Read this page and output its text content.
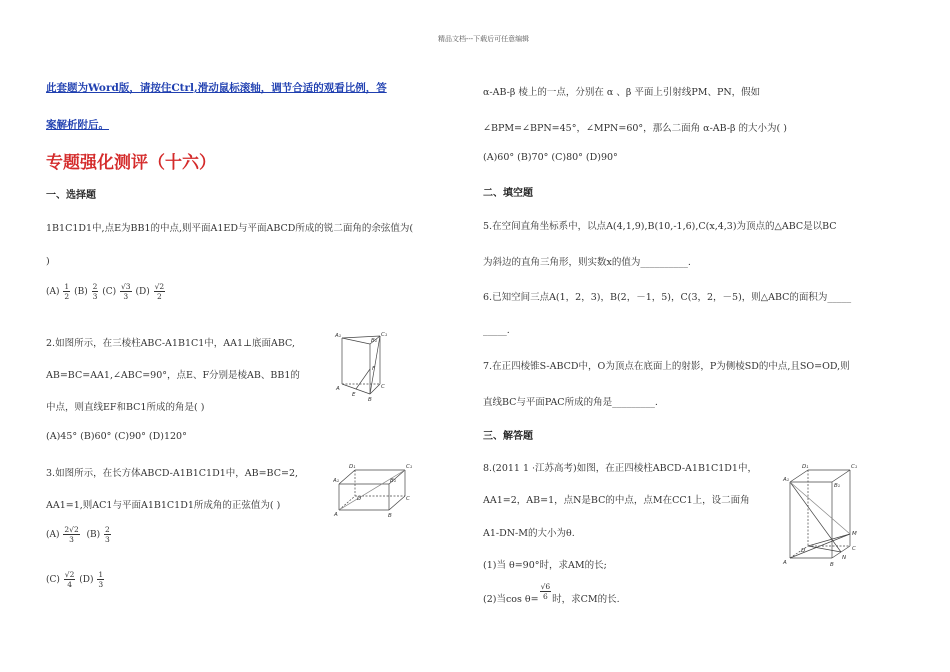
精品文档---下载后可任意编辑
此套题为Word版，请按住Ctrl,滑动鼠标滚轴，调节合适的观看比例，答
案解析附后。
专题强化测评（十六）
一、选择题
1B1C1D1中,点E为BB1的中点,则平面A1ED与平面ABCD所成的锐二面角的余弦值为(
)
$(A) \frac{1}{2} (B) \frac{2}{3} (C) \frac{√3}{3} (D) \frac{√2}{2}$
2.如图所示，在三棱柱ABC-A1B1C1中，AA1⊥底面ABC,
AB=BC=AA1,∠ABC=90°，点E、F分别是棱AB、BB1的
中点，则直线EF和BC1所成的角是( )
(A)45° (B)60° (C)90° (D)120°
A₁	C₁
B₁
A	C
B
E
F
3.如图所示，在长方体ABCD-A1B1C1D1中，AB=BC=2,
AA1=1,则AC1与平面A1B1C1D1所成角的正弦值为( )
$(A) \frac{2√2}{3} (B) \frac{2}{3}$
$(C) \frac{√2}{4} (D) \frac{1}{3}$
D₁	C₁
A₁	B₁
D	C
A	B
α-AB-β 棱上的一点，分别在 α 、β 平面上引射线PM、PN，假如
∠BPM=∠BPN=45°，∠MPN=60°，那么二面角 α-AB-β 的大小为( )
(A)60° (B)70° (C)80° (D)90°
二、填空题
5.在空间直角坐标系中，以点A(4,1,9),B(10,-1,6),C(x,4,3)为顶点的△ABC是以BC
为斜边的直角三角形，则实数x的值为__________.
6.已知空间三点A(1，2，3)，B(2，－1，5)，C(3，2，－5)，则△ABC的面积为_____
_____.
7.在正四棱锥S-ABCD中，O为顶点在底面上的射影，P为侧棱SD的中点,且SO=OD,则
直线BC与平面PAC所成的角是_________.
三、解答题
8.(2011 1 ·江苏高考)如图，在正四棱柱ABCD-A1B1C1D1中，
AA1=2，AB=1，点N是BC的中点，点M在CC1上，设二面角
A1-DN-M的大小为θ.
(1)当 θ=90°时，求AM的长;
(2)当$\cos \theta= \frac{√6}{6}$ 时，求CM的长.
D₁	C₁
A₁
B₁
D	C
A	B
M
N
